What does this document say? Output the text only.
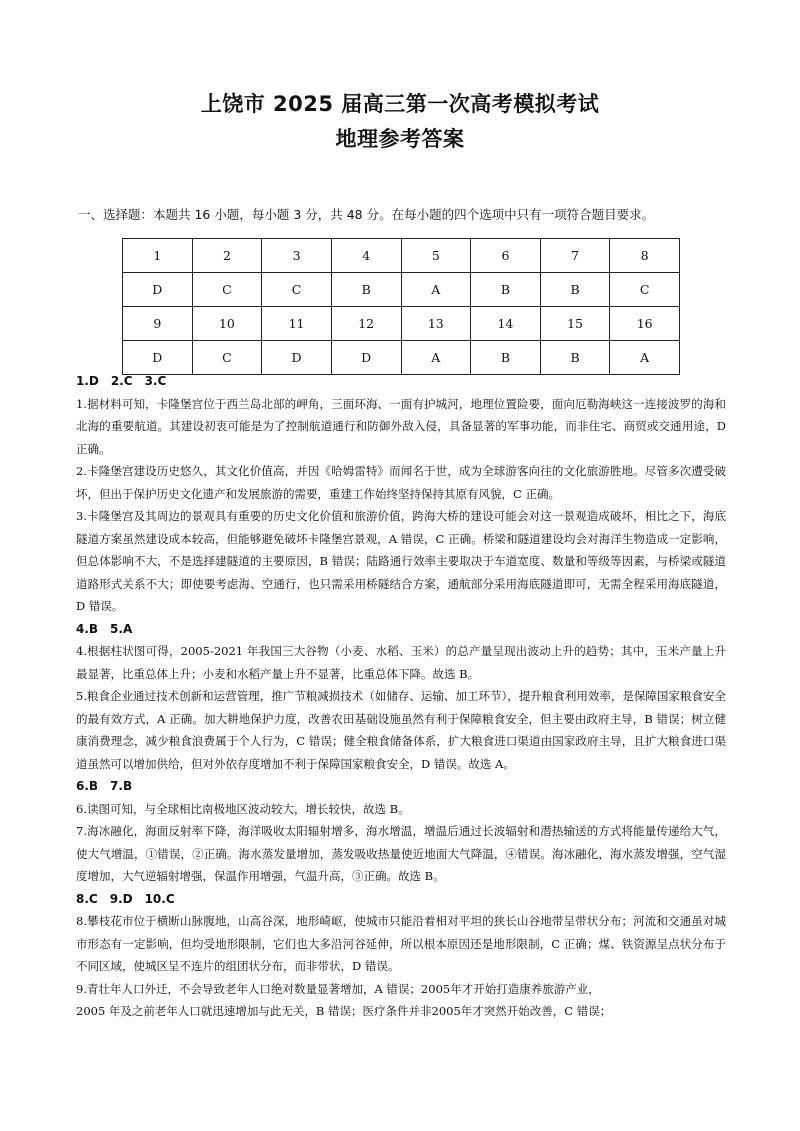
上饶市 2025 届高三第一次高考模拟考试
地理参考答案
一、选择题：本题共 16 小题，每小题 3 分，共 48 分。在每小题的四个选项中只有一项符合题目要求。
1	2	3	4	5	6	7	8
D	C	C	B	A	B	B	C
9	10	11	12	13	14	15	16
D	C	D	D	A	B	B	A

1.D　2.C　3.C

1.据材料可知，卡隆堡宫位于西兰岛北部的岬角，三面环海、一面有护城河，地理位置险要，面向厄勒海峡这一连接波罗的海和北海的重要航道。其建设初衷可能是为了控制航道通行和防御外敌入侵，具备显著的军事功能，而非住宅、商贸或交通用途，D 正确。

2.卡隆堡宫建设历史悠久，其文化价值高，并因《哈姆雷特》而闻名于世，成为全球游客向往的文化旅游胜地。尽管多次遭受破坏，但出于保护历史文化遗产和发展旅游的需要，重建工作始终坚持保持其原有风貌，C 正确。

3.卡隆堡宫及其周边的景观具有重要的历史文化价值和旅游价值，跨海大桥的建设可能会对这一景观造成破坏，相比之下，海底隧道方案虽然建设成本较高，但能够避免破坏卡隆堡宫景观，A 错误，C 正确。桥梁和隧道建设均会对海洋生物造成一定影响，但总体影响不大，不是选择建隧道的主要原因，B 错误；陆路通行效率主要取决于车道宽度、数量和等级等因素，与桥梁或隧道道路形式关系不大；即使要考虑海、空通行，也只需采用桥隧结合方案，通航部分采用海底隧道即可，无需全程采用海底隧道，D 错误。

4.B　5.A

4.根据柱状图可得，2005-2021 年我国三大谷物（小麦、水稻、玉米）的总产量呈现出波动上升的趋势；其中，玉米产量上升最显著，比重总体上升；小麦和水稻产量上升不显著，比重总体下降。故选 B。

5.粮食企业通过技术创新和运营管理，推广节粮减损技术（如储存、运输、加工环节），提升粮食利用效率，是保障国家粮食安全的最有效方式，A 正确。加大耕地保护力度，改善农田基础设施虽然有利于保障粮食安全，但主要由政府主导，B 错误；树立健康消费理念，减少粮食浪费属于个人行为，C 错误；健全粮食储备体系，扩大粮食进口渠道由国家政府主导，且扩大粮食进口渠道虽然可以增加供给，但对外依存度增加不利于保障国家粮食安全，D 错误。故选 A。

6.B　7.B

6.读图可知，与全球相比南极地区波动较大，增长较快，故选 B。

7.海冰融化，海面反射率下降，海洋吸收太阳辐射增多，海水增温，增温后通过长波辐射和潜热输送的方式将能量传递给大气，使大气增温，①错误，②正确。海水蒸发量增加，蒸发吸收热量使近地面大气降温，④错误。海冰融化，海水蒸发增强，空气湿度增加，大气逆辐射增强，保温作用增强，气温升高，③正确。故选 B。

8.C　9.D　10.C

8.攀枝花市位于横断山脉腹地，山高谷深，地形崎岖，使城市只能沿着相对平坦的狭长山谷地带呈带状分布；河流和交通虽对城市形态有一定影响，但均受地形限制，它们也大多沿河谷延伸，所以根本原因还是地形限制，C 正确；煤、铁资源呈点状分布于不同区域，使城区呈不连片的组团状分布，而非带状，D 错误。

9.青壮年人口外迁，不会导致老年人口绝对数量显著增加，A 错误；2005年才开始打造康养旅游产业，

2005 年及之前老年人口就迅速增加与此无关，B 错误；医疗条件并非2005年才突然开始改善，C 错误；
